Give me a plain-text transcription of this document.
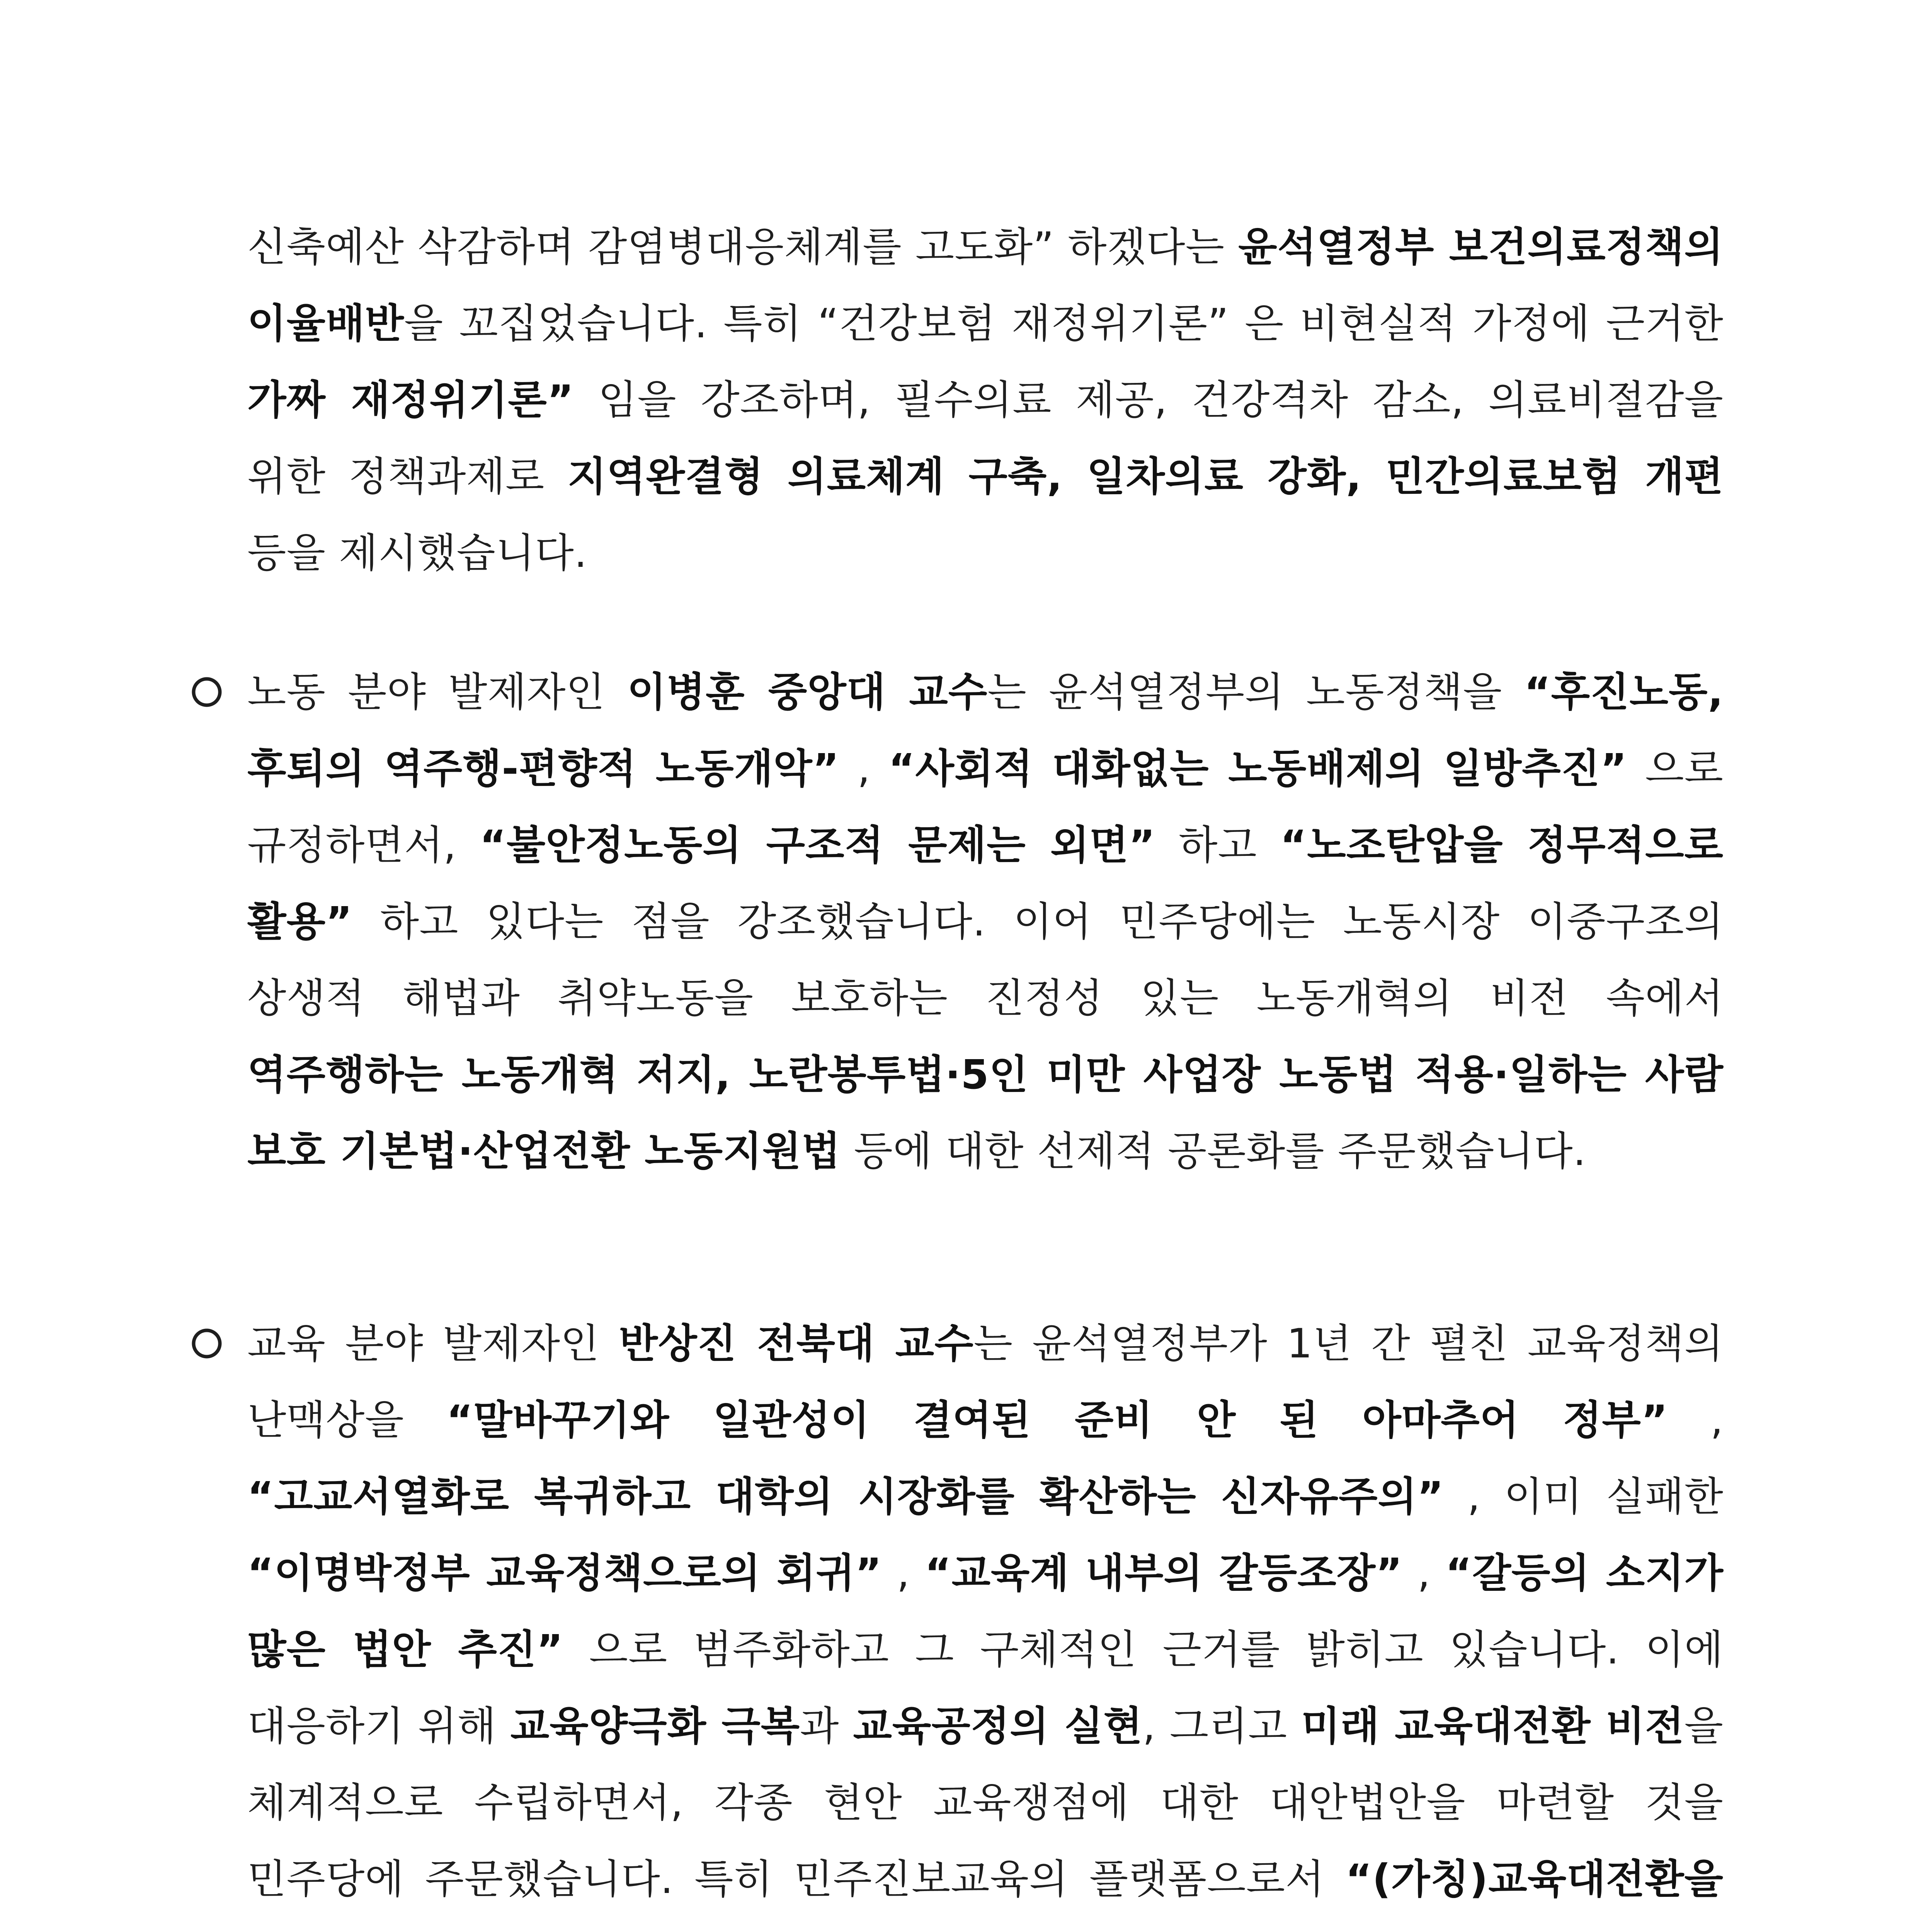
신축예산 삭감하며 감염병대응체계를 고도화” 하겠다는 윤석열정부 보건의료정책의 이율배반을 꼬집었습니다. 특히 “건강보험 재정위기론” 은 비현실적 가정에 근거한 가짜 재정위기론” 임을 강조하며, 필수의료 제공, 건강격차 감소, 의료비절감을 위한 정책과제로 지역완결형 의료체계 구축, 일차의료 강화, 민간의료보험 개편 등을 제시했습니다.
노동 분야 발제자인 이병훈 중앙대 교수는 윤석열정부의 노동정책을 “후진노동, 후퇴의 역주행-편향적 노동개악” , “사회적 대화없는 노동배제의 일방추진” 으로 규정하면서, “불안정노동의 구조적 문제는 외면” 하고 “노조탄압을 정무적으로 활용” 하고 있다는 점을 강조했습니다. 이어 민주당에는 노동시장 이중구조의 상생적 해법과 취약노동을 보호하는 진정성 있는 노동개혁의 비전 속에서 역주행하는 노동개혁 저지, 노란봉투법·5인 미만 사업장 노동법 적용·일하는 사람 보호 기본법·산업전환 노동지원법 등에 대한 선제적 공론화를 주문했습니다.
교육 분야 발제자인 반상진 전북대 교수는 윤석열정부가 1년 간 펼친 교육정책의 난맥상을 “말바꾸기와 일관성이 결여된 준비 안 된 아마추어 정부” , “고교서열화로 복귀하고 대학의 시장화를 확산하는 신자유주의” , 이미 실패한 “이명박정부 교육정책으로의 회귀” , “교육계 내부의 갈등조장” , “갈등의 소지가 많은 법안 추진” 으로 범주화하고 그 구체적인 근거를 밝히고 있습니다. 이에 대응하기 위해 교육양극화 극복과 교육공정의 실현, 그리고 미래 교육대전환 비전을 체계적으로 수립하면서, 각종 현안 교육쟁점에 대한 대안법안을 마련할 것을 민주당에 주문했습니다. 특히 민주진보교육의 플랫폼으로서 “(가칭)교육대전환을
